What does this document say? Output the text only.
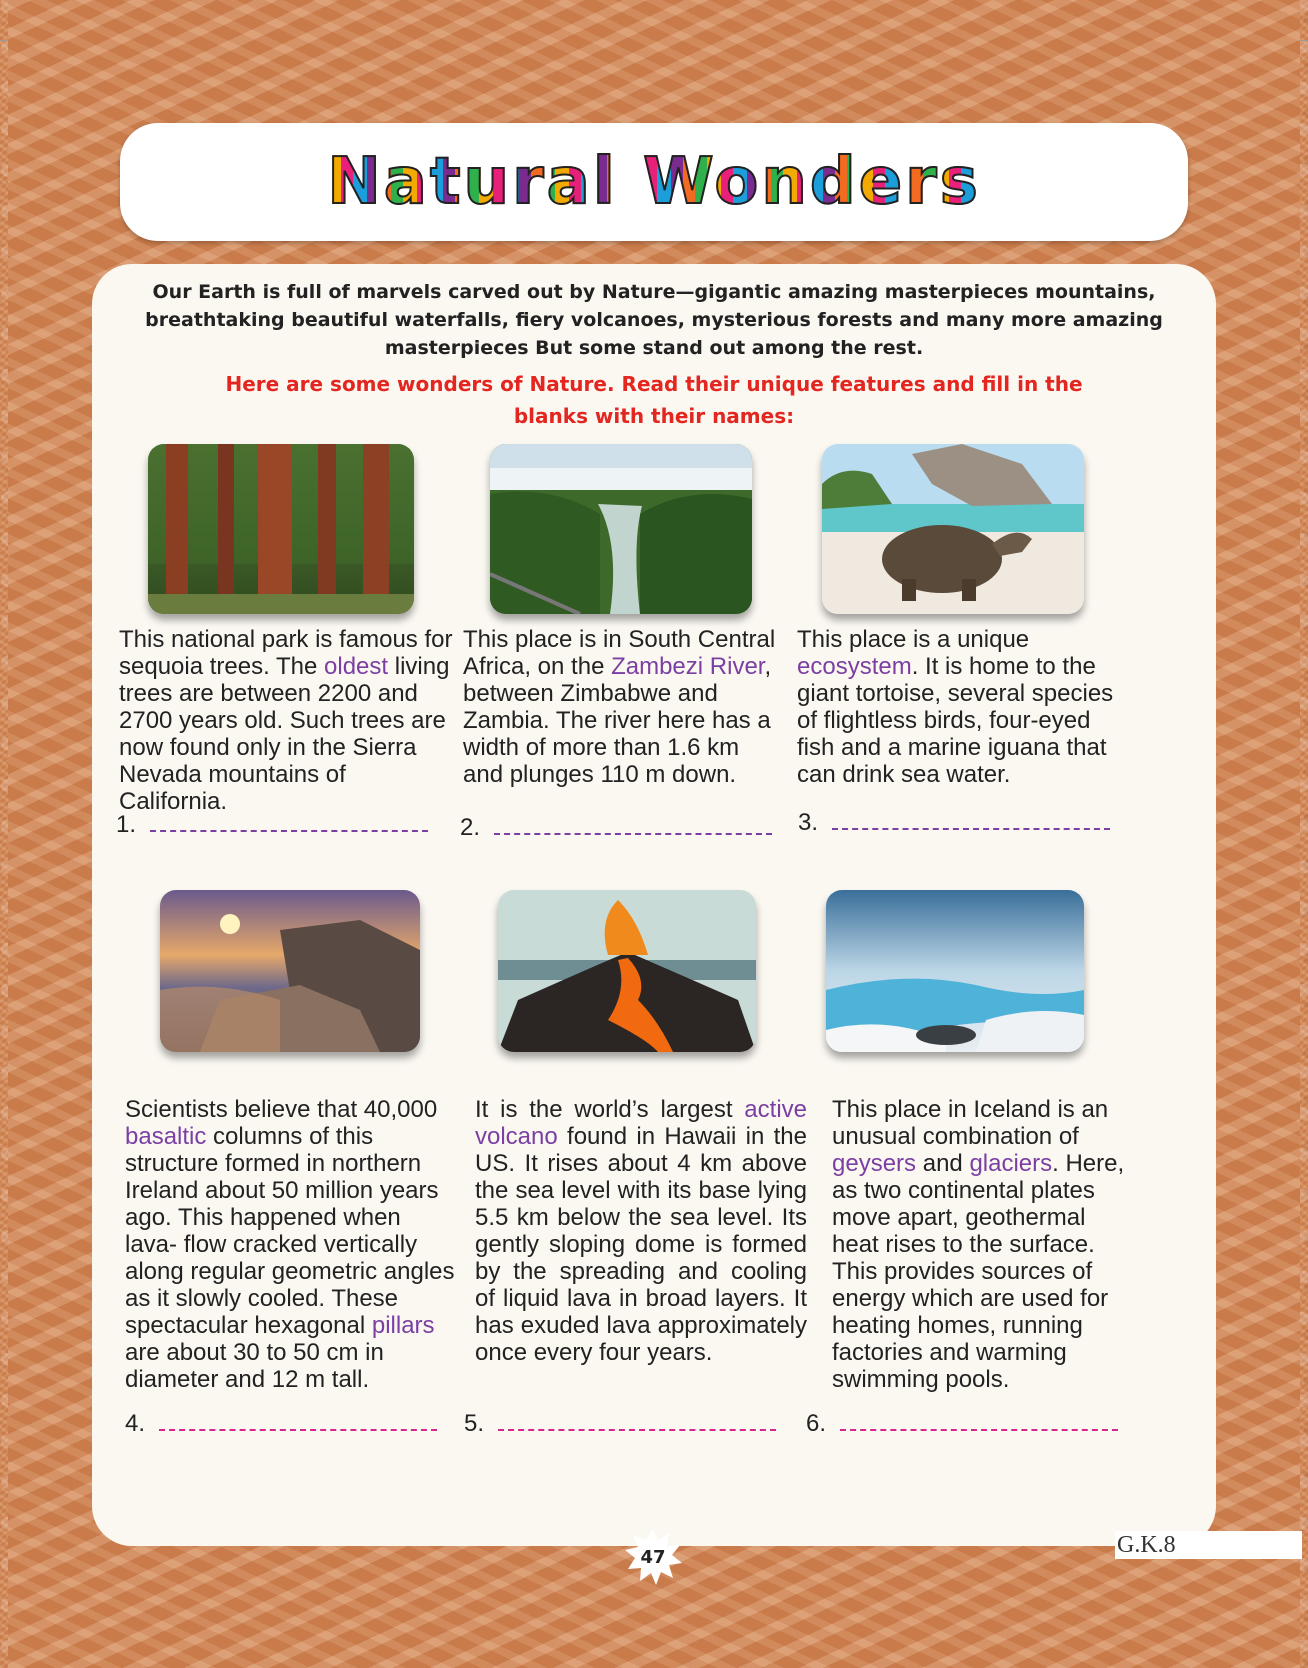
Natural Wonders

Our Earth is full of marvels carved out by Nature—gigantic amazing masterpieces mountains, breathtaking beautiful waterfalls, fiery volcanoes, mysterious forests and many more amazing masterpieces But some stand out among the rest.

Here are some wonders of Nature. Read their unique features and fill in the blanks with their names:

This national park is famous for sequoia trees. The oldest living trees are between 2200 and 2700 years old. Such trees are now found only in the Sierra Nevada mountains of California.

This place is in South Central Africa, on the Zambezi River, between Zimbabwe and Zambia. The river here has a width of more than 1.6 km and plunges 110 m down.

This place is a unique ecosystem. It is home to the giant tortoise, several species of flightless birds, four-eyed fish and a marine iguana that can drink sea water.

1.	2.	3.

Scientists believe that 40,000 basaltic columns of this structure formed in northern Ireland about 50 million years ago. This happened when lava- flow cracked vertically along regular geometric angles as it slowly cooled. These spectacular hexagonal pillars are about 30 to 50 cm in diameter and 12 m tall.

It is the world’s largest active volcano found in Hawaii in the US. It rises about 4 km above the sea level with its base lying 5.5 km below the sea level. Its gently sloping dome is formed by the spreading and cooling of liquid lava in broad layers. It has exuded lava approximately once every four years.

This place in Iceland is an unusual combination of geysers and glaciers. Here, as two continental plates move apart, geothermal heat rises to the surface. This provides sources of energy which are used for heating homes, running factories and warming swimming pools.

4.	5.	6.
47	G.K.8
